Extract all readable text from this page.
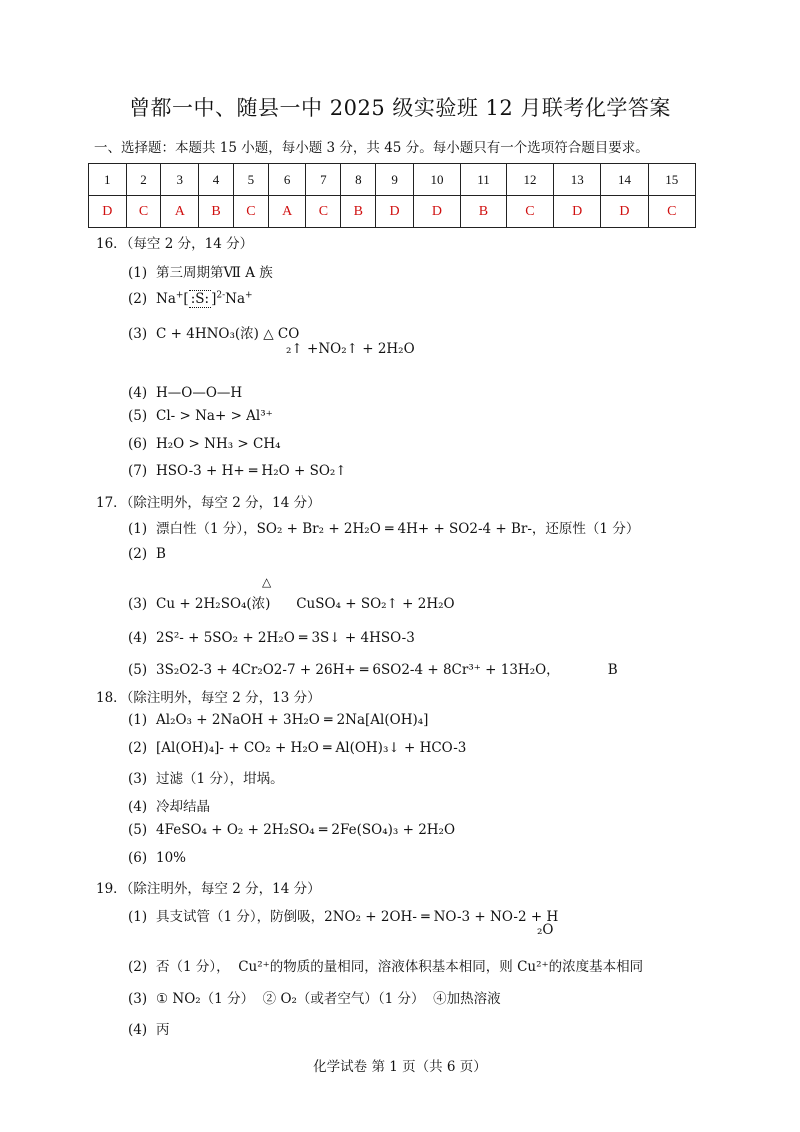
曾都一中、随县一中 2025 级实验班 12 月联考化学答案
一、选择题：本题共 15 小题，每小题 3 分，共 45 分。每小题只有一个选项符合题目要求。
1	2	3	4	5	6	7	8	9	10	11	12	13	14	15
D	C	A	B	C	A	C	B	D	D	B	C	D	D	C
16．（每空 2 分，14 分）
(1) 第三周期第Ⅶ A 族
(2) Na+[ :S: ]$^{2-}$Na+
(3) C + 4HNO₃(浓) △ CO
₂↑ +NO₂↑ + 2H₂O
(4) H—O—O—H
(5) Cl- > Na+ > Al³⁺
(6) H₂O > NH₃ > CH₄
(7) HSO-3 + H+ ═ H₂O + SO₂↑
17．（除注明外，每空 2 分，14 分）
(1) 漂白性（1 分），SO₂ + Br₂ + 2H₂O ═ 4H+ + SO2-4 + Br-，还原性（1 分）
(2) B
△
(3) Cu + 2H₂SO₄(浓)      CuSO₄ + SO₂↑ + 2H₂O
(4) 2S²- + 5SO₂ + 2H₂O ═ 3S↓ + 4HSO-3
(5) 3S₂O2-3 + 4Cr₂O2-7 + 26H+ ═ 6SO2-4 + 8Cr³⁺ + 13H₂O，	B
18．（除注明外，每空 2 分，13 分）
(1) Al₂O₃ + 2NaOH + 3H₂O ═ 2Na[Al(OH)₄]
(2) [Al(OH)₄]- + CO₂ + H₂O ═ Al(OH)₃↓ + HCO-3
(3) 过滤（1 分），坩埚。
(4) 冷却结晶
(5) 4FeSO₄ + O₂ + 2H₂SO₄ ═ 2Fe(SO₄)₃ + 2H₂O
(6) 10%
19．（除注明外，每空 2 分，14 分）
(1) 具支试管（1 分），防倒吸，2NO₂ + 2OH- ═ NO-3 + NO-2 + H
₂O
(2) 否（1 分），  Cu²⁺的物质的量相同，溶液体积基本相同，则 Cu²⁺的浓度基本相同
(3) ① NO₂（1 分）  ② O₂（或者空气）（1 分）  ④加热溶液
(4) 丙
化学试卷 第 1 页（共 6 页）
